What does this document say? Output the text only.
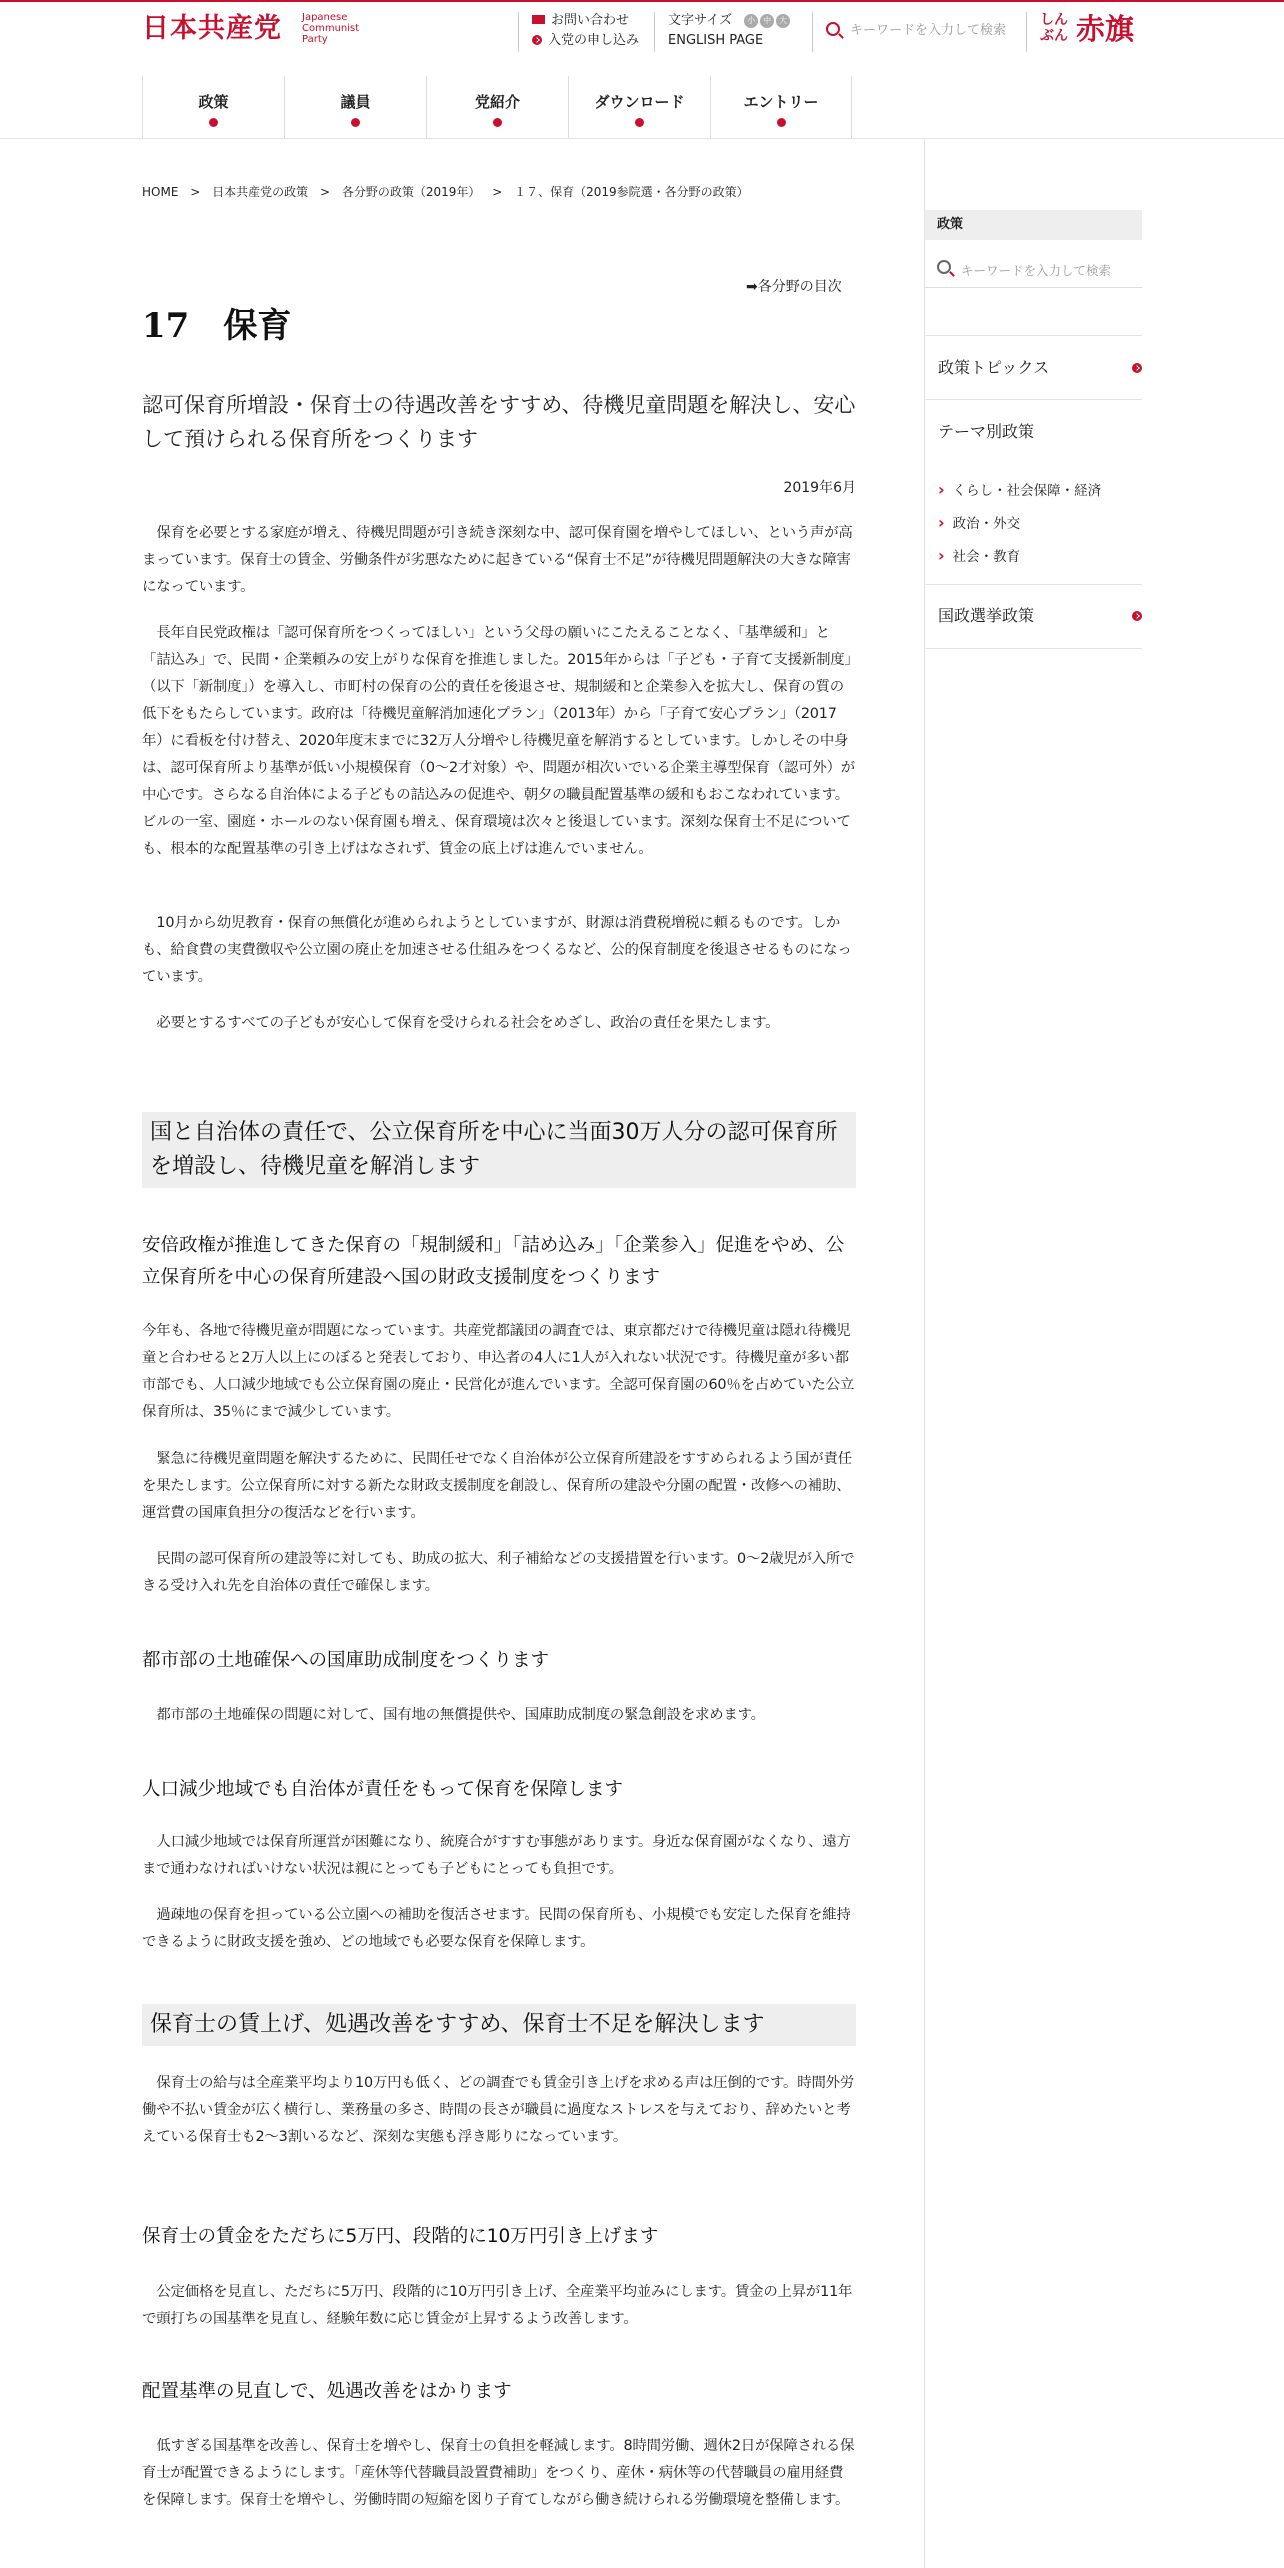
日本共産党 Japanese
Communist
Party
お問い合わせ
入党の申し込み
文字サイズ 小 中 大
ENGLISH PAGE
キーワードを入力して検索
しん
ぶん 赤旗
政策	議員	党紹介	ダウンロード	エントリー
HOME > 日本共産党の政策 > 各分野の政策（2019年） > １７、保育（2019参院選・各分野の政策）
➡各分野の目次
17　保育
認可保育所増設・保育士の待遇改善をすすめ、待機児童問題を解決し、安心して預けられる保育所をつくります
2019年6月

保育を必要とする家庭が増え、待機児問題が引き続き深刻な中、認可保育園を増やしてほしい、という声が高まっています。保育士の賃金、労働条件が劣悪なために起きている“保育士不足”が待機児問題解決の大きな障害になっています。

長年自民党政権は「認可保育所をつくってほしい」という父母の願いにこたえることなく、「基準緩和」と「詰込み」で、民間・企業頼みの安上がりな保育を推進しました。2015年からは「子ども・子育て支援新制度」（以下「新制度」）を導入し、市町村の保育の公的責任を後退させ、規制緩和と企業参入を拡大し、保育の質の低下をもたらしています。政府は「待機児童解消加速化プラン」（2013年）から「子育て安心プラン」（2017年）に看板を付け替え、2020年度末までに32万人分増やし待機児童を解消するとしています。しかしその中身は、認可保育所より基準が低い小規模保育（0～2才対象）や、問題が相次いでいる企業主導型保育（認可外）が中心です。さらなる自治体による子どもの詰込みの促進や、朝夕の職員配置基準の緩和もおこなわれています。ビルの一室、園庭・ホールのない保育園も増え、保育環境は次々と後退しています。深刻な保育士不足についても、根本的な配置基準の引き上げはなされず、賃金の底上げは進んでいません。

10月から幼児教育・保育の無償化が進められようとしていますが、財源は消費税増税に頼るものです。しかも、給食費の実費徴収や公立園の廃止を加速させる仕組みをつくるなど、公的保育制度を後退させるものになっています。

必要とするすべての子どもが安心して保育を受けられる社会をめざし、政治の責任を果たします。

国と自治体の責任で、公立保育所を中心に当面30万人分の認可保育所を増設し、待機児童を解消します
安倍政権が推進してきた保育の「規制緩和」「詰め込み」「企業参入」促進をやめ、公立保育所を中心の保育所建設へ国の財政支援制度をつくります

今年も、各地で待機児童が問題になっています。共産党都議団の調査では、東京都だけで待機児童は隠れ待機児童と合わせると2万人以上にのぼると発表しており、申込者の4人に1人が入れない状況です。待機児童が多い都市部でも、人口減少地域でも公立保育園の廃止・民営化が進んでいます。全認可保育園の60％を占めていた公立保育所は、35％にまで減少しています。

緊急に待機児童問題を解決するために、民間任せでなく自治体が公立保育所建設をすすめられるよう国が責任を果たします。公立保育所に対する新たな財政支援制度を創設し、保育所の建設や分園の配置・改修への補助、運営費の国庫負担分の復活などを行います。

民間の認可保育所の建設等に対しても、助成の拡大、利子補給などの支援措置を行います。0～2歳児が入所できる受け入れ先を自治体の責任で確保します。

都市部の土地確保への国庫助成制度をつくります

都市部の土地確保の問題に対して、国有地の無償提供や、国庫助成制度の緊急創設を求めます。

人口減少地域でも自治体が責任をもって保育を保障します

人口減少地域では保育所運営が困難になり、統廃合がすすむ事態があります。身近な保育園がなくなり、遠方まで通わなければいけない状況は親にとっても子どもにとっても負担です。

過疎地の保育を担っている公立園への補助を復活させます。民間の保育所も、小規模でも安定した保育を維持できるように財政支援を強め、どの地域でも必要な保育を保障します。

保育士の賃上げ、処遇改善をすすめ、保育士不足を解決します

保育士の給与は全産業平均より10万円も低く、どの調査でも賃金引き上げを求める声は圧倒的です。時間外労働や不払い賃金が広く横行し、業務量の多さ、時間の長さが職員に過度なストレスを与えており、辞めたいと考えている保育士も2～3割いるなど、深刻な実態も浮き彫りになっています。

保育士の賃金をただちに5万円、段階的に10万円引き上げます

公定価格を見直し、ただちに5万円、段階的に10万円引き上げ、全産業平均並みにします。賃金の上昇が11年で頭打ちの国基準を見直し、経験年数に応じ賃金が上昇するよう改善します。

配置基準の見直しで、処遇改善をはかります

低すぎる国基準を改善し、保育士を増やし、保育士の負担を軽減します。8時間労働、週休2日が保障される保育士が配置できるようにします。「産休等代替職員設置費補助」をつくり、産休・病休等の代替職員の雇用経費を保障します。保育士を増やし、労働時間の短縮を図り子育てしながら働き続けられる労働環境を整備します。

政策
キーワードを入力して検索
政策トピックス
テーマ別政策
› くらし・社会保障・経済
› 政治・外交
› 社会・教育
国政選挙政策
